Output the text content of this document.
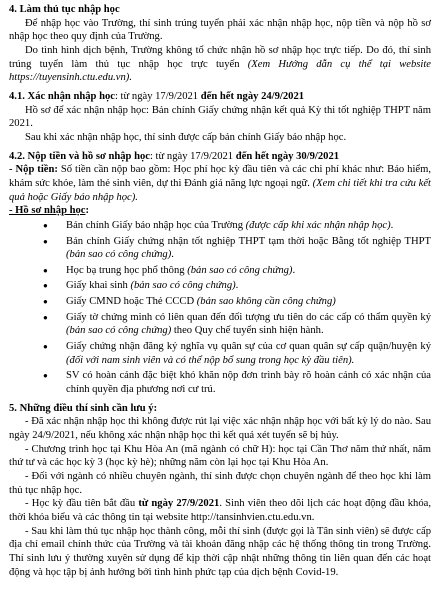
4. Làm thủ tục nhập học

Để nhập học vào Trường, thí sinh trúng tuyển phải xác nhận nhập học, nộp tiền và nộp hồ sơ nhập học theo quy định của Trường.

Do tình hình dịch bệnh, Trường không tổ chức nhận hồ sơ nhập học trực tiếp. Do đó, thí sinh trúng tuyển làm thủ tục nhập học trực tuyến (Xem Hướng dẫn cụ thể tại website https://tuyensinh.ctu.edu.vn).

4.1. Xác nhận nhập học: từ ngày 17/9/2021 đến hết ngày 24/9/2021

Hồ sơ để xác nhận nhập học: Bản chính Giấy chứng nhận kết quả Kỳ thi tốt nghiệp THPT năm 2021.

Sau khi xác nhận nhập học, thí sinh được cấp bản chính Giấy báo nhập học.

4.2. Nộp tiền và hồ sơ nhập học: từ ngày 17/9/2021 đến hết ngày 30/9/2021

- Nộp tiền: Số tiền cần nộp bao gồm: Học phí học kỳ đầu tiên và các chi phí khác như: Bảo hiểm, khám sức khỏe, làm thẻ sinh viên, dự thi Đánh giá năng lực ngoại ngữ. (Xem chi tiết khi tra cứu kết quả hoặc Giấy báo nhập học).

- Hồ sơ nhập học:

● Bản chính Giấy báo nhập học của Trường (được cấp khi xác nhận nhập học).
● Bản chính Giấy chứng nhận tốt nghiệp THPT tạm thời hoặc Bằng tốt nghiệp THPT (bản sao có công chứng).
● Học bạ trung học phổ thông (bản sao có công chứng).
● Giấy khai sinh (bản sao có công chứng).
● Giấy CMND hoặc Thẻ CCCD (bản sao không cần công chứng)
● Giấy tờ chứng minh có liên quan đến đối tượng ưu tiên do các cấp có thẩm quyền ký (bản sao có công chứng) theo Quy chế tuyển sinh hiện hành.
● Giấy chứng nhận đăng ký nghĩa vụ quân sự của cơ quan quân sự cấp quận/huyện ký (đối với nam sinh viên và có thể nộp bổ sung trong học kỳ đầu tiên).
● SV có hoàn cảnh đặc biệt khó khăn nộp đơn trình bày rõ hoàn cảnh có xác nhận của chính quyền địa phương nơi cư trú.
5. Những điều thí sinh cần lưu ý:

- Đã xác nhận nhập học thì không được rút lại việc xác nhận nhập học với bất kỳ lý do nào. Sau ngày 24/9/2021, nếu không xác nhận nhập học thì kết quả xét tuyển sẽ bị hủy.

- Chương trình học tại Khu Hòa An (mã ngành có chữ H): học tại Cần Thơ năm thứ nhất, năm thứ tư và các học kỳ 3 (học kỳ hè); những năm còn lại học tại Khu Hòa An.

- Đối với ngành có nhiều chuyên ngành, thí sinh được chọn chuyên ngành để theo học khi làm thủ tục nhập học.

- Học kỳ đầu tiên bắt đầu từ ngày 27/9/2021. Sinh viên theo dõi lịch các hoạt động đầu khóa, thời khóa biểu và các thông tin tại website http://tansinhvien.ctu.edu.vn.

- Sau khi làm thủ tục nhập học thành công, mỗi thí sinh (được gọi là Tân sinh viên) sẽ được cấp địa chỉ email chính thức của Trường và tài khoản đăng nhập các hệ thống thông tin trong Trường. Thí sinh lưu ý thường xuyên sử dụng để kịp thời cập nhật những thông tin liên quan đến các hoạt động và học tập bị ảnh hưởng bởi tình hình phức tạp của dịch bệnh Covid-19.
